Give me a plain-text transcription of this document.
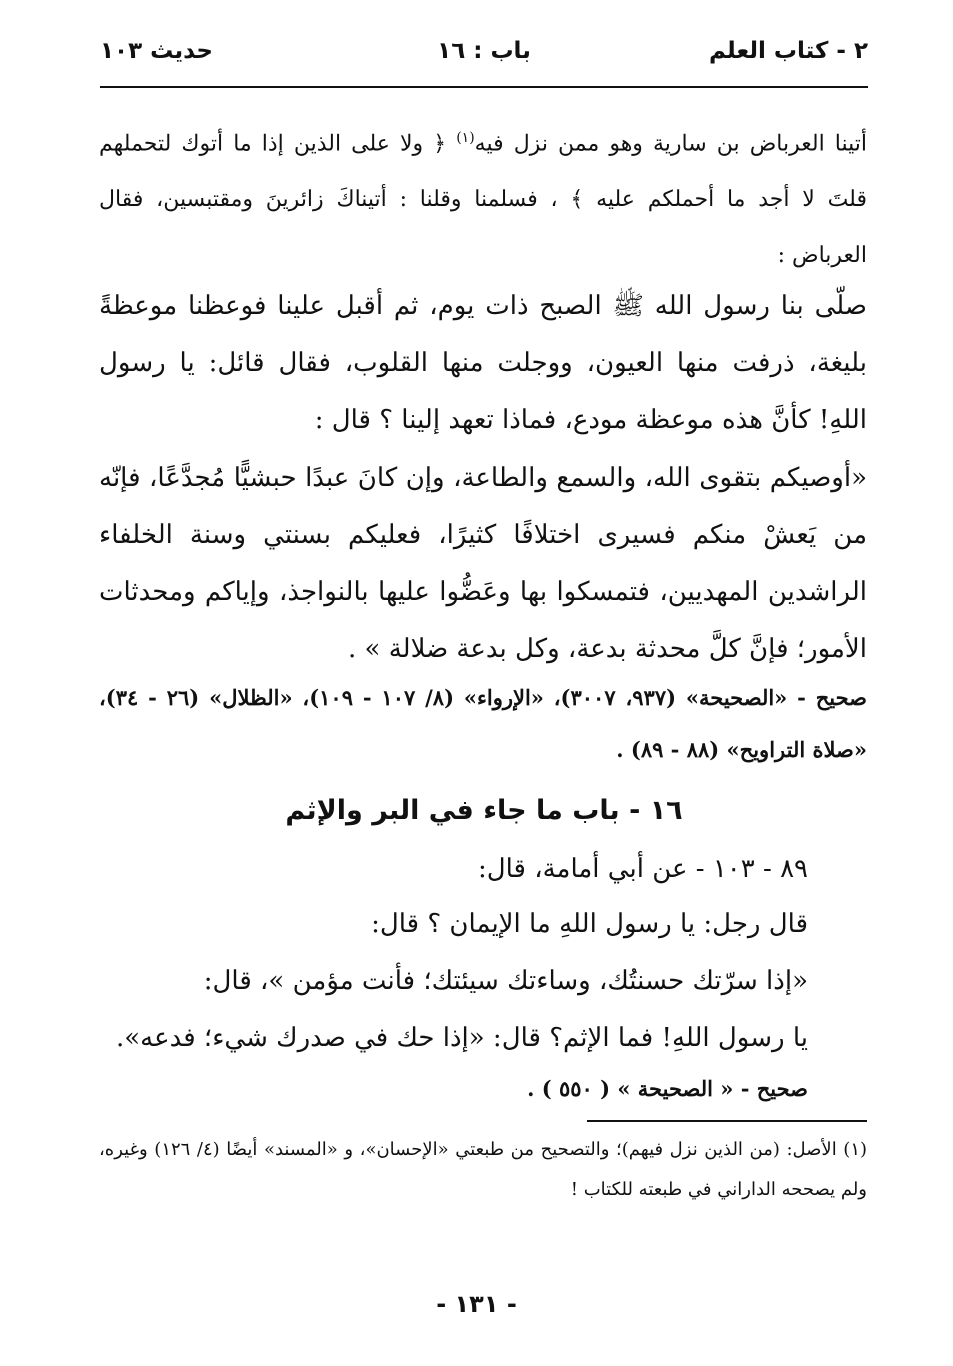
٢ - كتاب العلم
باب : ١٦
حديث ١٠٣
أتينا العرباض بن سارية وهو ممن نزل فيه$^{(١)}$ ﴿ ولا على الذين إذا ما أتوك لتحملهم قلتَ لا أجد ما أحملكم عليه ﴾ ، فسلمنا وقلنا : أتيناكَ زائرينَ ومقتبسين، فقال العرباض :
صلّى بنا رسول الله ﷺ الصبح ذات يوم، ثم أقبل علينا فوعظنا موعظةً بليغة، ذرفت منها العيون، ووجلت منها القلوب، فقال قائل: يا رسول اللهِ! كأنَّ هذه موعظة مودع، فماذا تعهد إلينا ؟ قال :
«أوصيكم بتقوى الله، والسمع والطاعة، وإن كانَ عبدًا حبشيًّا مُجدَّعًا، فإنّه من يَعشْ منكم فسيرى اختلافًا كثيرًا، فعليكم بسنتي وسنة الخلفاء الراشدين المهديين، فتمسكوا بها وعَضُّوا عليها بالنواجذ، وإياكم ومحدثات الأمور؛ فإنَّ كلَّ محدثة بدعة، وكل بدعة ضلالة » .
صحيح - «الصحيحة» (٩٣٧، ٣٠٠٧)، «الإرواء» (٨/ ١٠٧ - ١٠٩)، «الظلال» (٢٦ - ٣٤)، «صلاة التراويح» (٨٨ - ٨٩) .
١٦ - باب ما جاء في البر والإثم
٨٩ - ١٠٣ - عن أبي أمامة، قال:
قال رجل: يا رسول اللهِ ما الإيمان ؟ قال:
«إذا سرّتك حسنتُك، وساءتك سيئتك؛ فأنت مؤمن »، قال:
يا رسول اللهِ! فما الإثم؟ قال: «إذا حك في صدرك شيء؛ فدعه».
صحيح - « الصحيحة » ( ٥٥٠ ) .
(١) الأصل: (من الذين نزل فيهم)؛ والتصحيح من طبعتي «الإحسان»، و «المسند» أيضًا (٤/ ١٢٦) وغيره، ولم يصححه الداراني في طبعته للكتاب !
- ١٣١ -
